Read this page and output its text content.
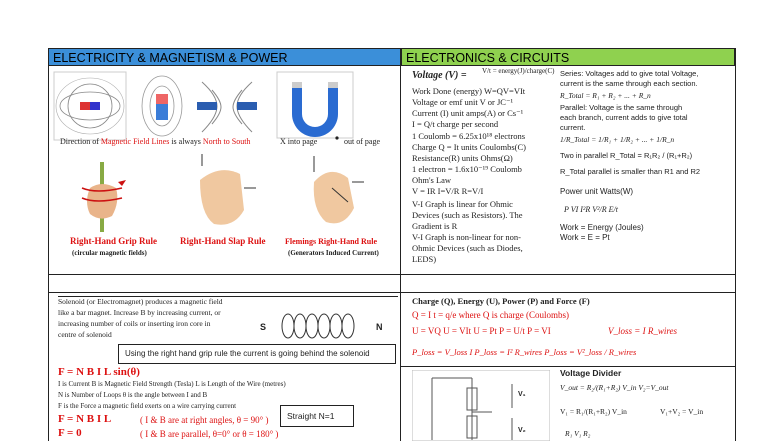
ELECTRICITY & MAGNETISM & POWER	ELECTRONICS & CIRCUITS
Direction of Magnetic Field Lines is always North to South	X into page	out of page
Right-Hand Grip Rule
(circular magnetic fields)
Right-Hand Slap Rule Flemings Right-Hand Rule
(Generators Induced Current)
Voltage (V) = V/t = energy(J)/charge(C)
Work Done (energy) W=QV=VIt
Voltage or emf unit V or JC⁻¹
Current (I) unit amps(A) or Cs⁻¹
I = Q/t charge per second
1 Coulomb = 6.25x10¹⁸ electrons
Charge Q = It units Coulombs(C)
Resistance(R) units Ohms(Ω)
1 electron = 1.6x10⁻¹⁹ Coulomb
Ohm's Law
V = IR I=V/R R=V/I
V-I Graph is linear for Ohmic
Devices (such as Resistors). The
Gradient is R
V-I Graph is non-linear for non-
Ohmic Devices (such as Diodes,
LEDS)
Series: Voltages add to give total Voltage,
current is the same through each section.
R_Total = R₁ + R₂ + ... + R_n
Parallel: Voltage is the same through
each branch, current adds to give total
current.
1/R_Total = 1/R₁ + 1/R₂ + ... + 1/R_n
Two in parallel R_Total = R₁R₂ / (R₁+R₂)
R_Total parallel is smaller than R1 and R2
Power unit Watts(W)
P VI I²R V²/R E/t
Work = Energy (Joules)
Work = E = Pt
Solenoid (or Electromagnet) produces a magnetic field
like a bar magnet. Increase B by increasing current, or
increasing number of coils or inserting iron core in
centre of solenoid
S	N
Using the right hand grip rule the current is going behind the solenoid
F = N B I L sin(θ)
I is Current B is Magnetic Field Strength (Tesla) L is Length of the Wire (metres)
N is Number of Loops θ is the angle between I and B
F is the Force a magnetic field exerts on a wire carrying current
F = N B I L	( I & B are at right angles, θ = 90° )
F = 0	( I & B are parallel, θ=0° or θ = 180° )
Straight N=1
Charge (Q), Energy (U), Power (P) and Force (F)
Q = I t = q/e where Q is charge (Coulombs)
U = VQ U = VIt U = Pt P = U/t P = VI	V_loss = I R_wires
P_loss = V_loss I P_loss = I² R_wires P_loss = V²_loss / R_wires
V₁
V₂
Voltage Divider
V_out = R₂/(R₁+R₂) V_in V₂=V_out
V₁ = R₁/(R₁+R₂) V_in	V₁+V₂ = V_in
R₁ V₁ R₂
